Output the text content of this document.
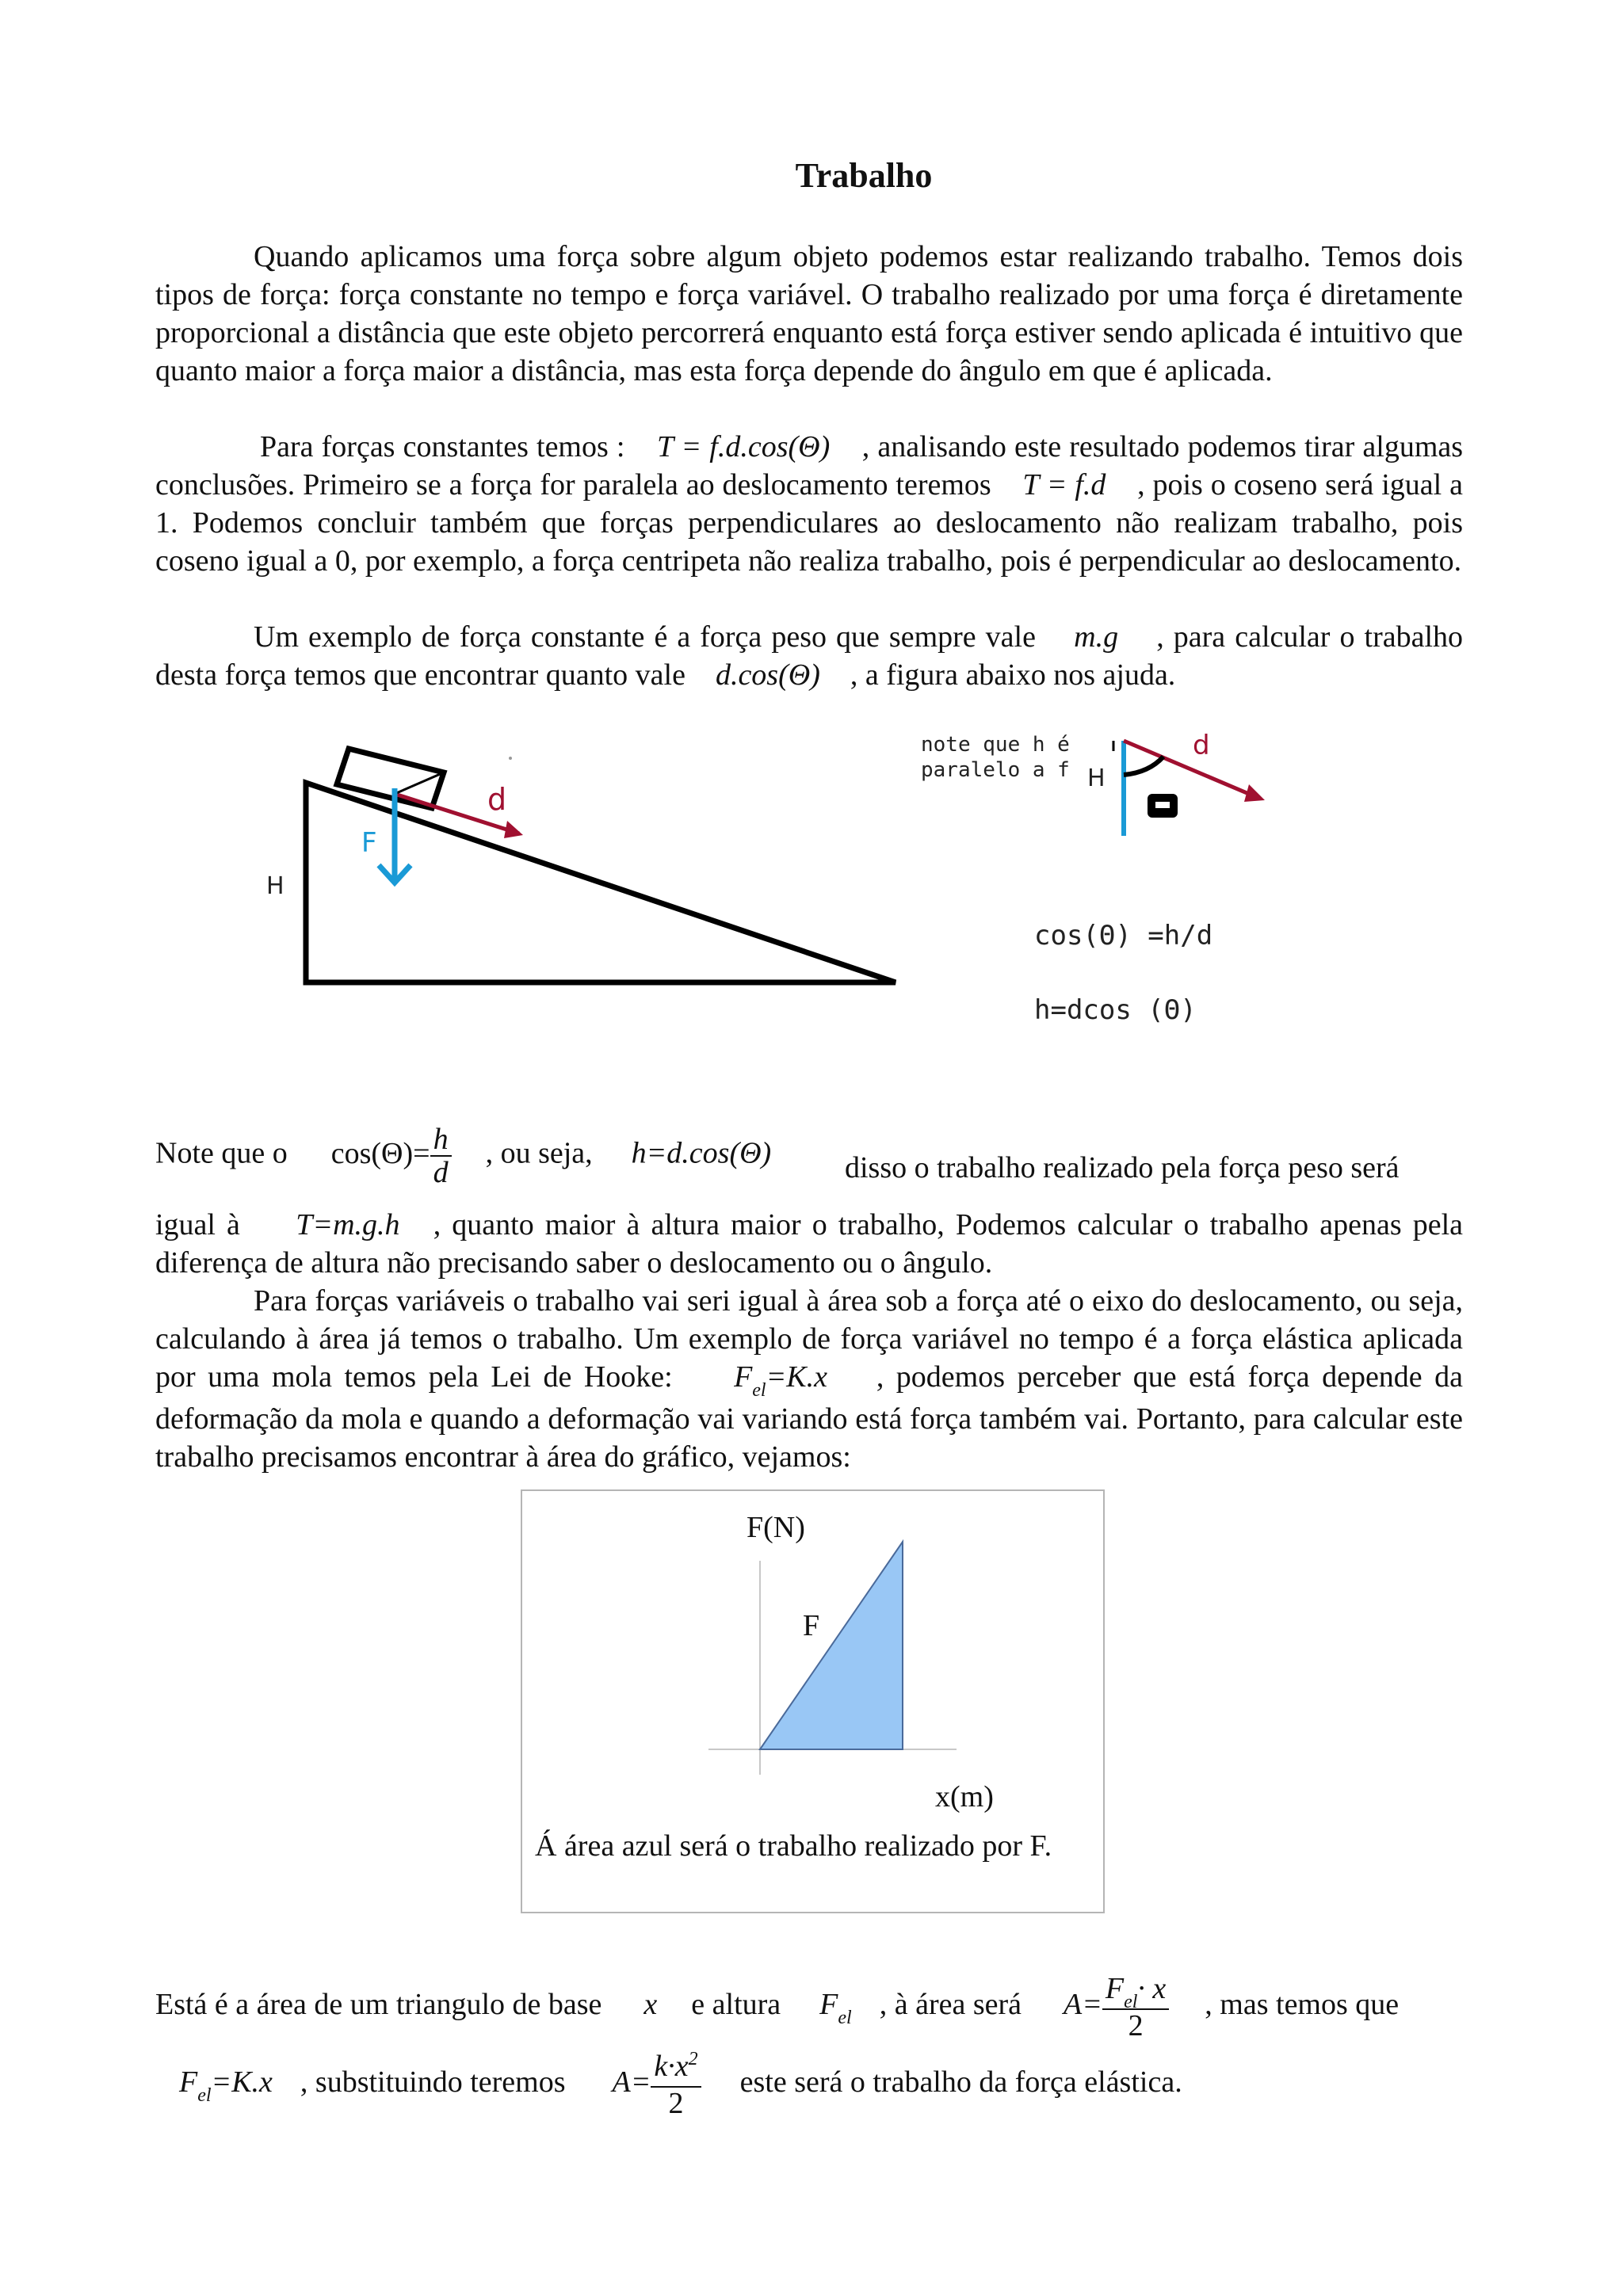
Trabalho
Quando aplicamos uma força sobre algum objeto podemos estar realizando trabalho. Temos dois tipos de força: força constante no tempo e força variável. O trabalho realizado por uma força é diretamente proporcional a distância que este objeto percorrerá enquanto está força estiver sendo aplicada é intuitivo que quanto maior a força maior a distância, mas esta força depende do ângulo em que é aplicada.
Para forças constantes temos : T = f.d.cos(Θ) , analisando este resultado podemos tirar algumas conclusões. Primeiro se a força for paralela ao deslocamento teremos T = f.d , pois o coseno será igual a 1. Podemos concluir também que forças perpendiculares ao deslocamento não realizam trabalho, pois coseno igual a 0, por exemplo, a força centripeta não realiza trabalho, pois é perpendicular ao deslocamento.
Um exemplo de força constante é a força peso que sempre vale m.g , para calcular o trabalho desta força temos que encontrar quanto vale d.cos(Θ) , a figura abaixo nos ajuda.
d
F
H
note que h é
paralelo a f H
d
cos(Θ) =h/d
h=dcos (Θ)
Note que o $\cos(\Theta)= \frac{h}{d}$ , ou seja, h=d.cos(Θ)	disso o trabalho realizado pela força peso será
igual à T=m.g.h , quanto maior à altura maior o trabalho, Podemos calcular o trabalho apenas pela diferença de altura não precisando saber o deslocamento ou o ângulo.
Para forças variáveis o trabalho vai seri igual à área sob a força até o eixo do deslocamento, ou seja, calculando à área já temos o trabalho. Um exemplo de força variável no tempo é a força elástica aplicada por uma mola temos pela Lei de Hooke: $F_{el}=K.x$ , podemos perceber que está força depende da deformação da mola e quando a deformação vai variando está força também vai. Portanto, para calcular este trabalho precisamos encontrar à área do gráfico, vejamos:
F(N)
F
x(m)
Á área azul será o trabalho realizado por F.
Está é a área de um triangulo de base x e altura $F_{el}$ , à área será $A= \frac{F_{el}\cdot x}{2}$ , mas temos que
$F_{el}=K.x$ , substituindo teremos $A= \frac{k\cdot x^2}{2}$ este será o trabalho da força elástica.
